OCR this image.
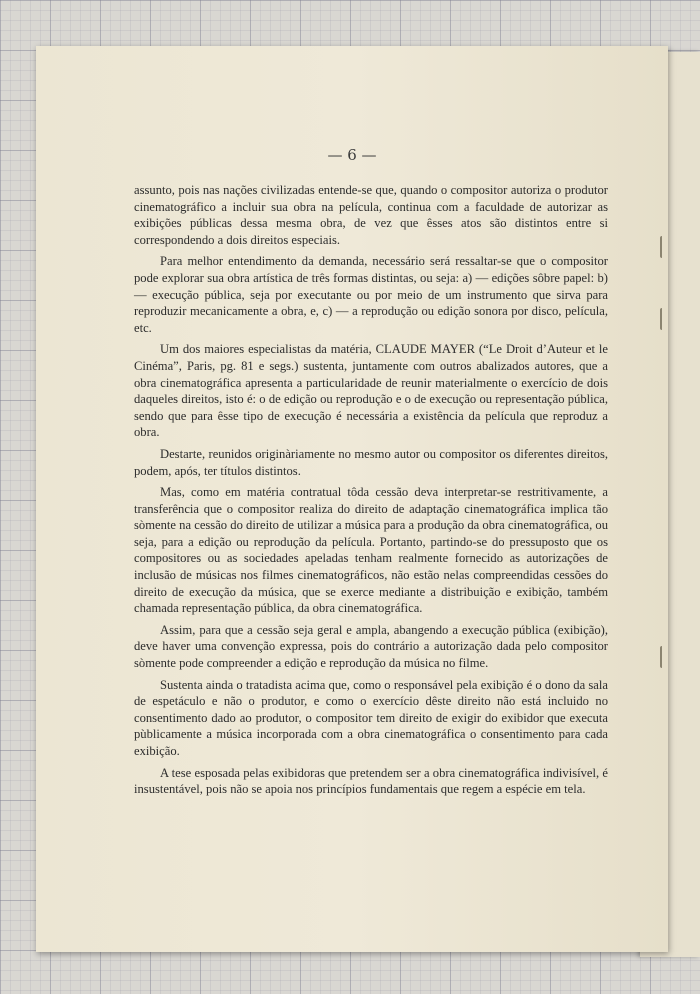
— 6 —

assunto, pois nas nações civilizadas entende-se que, quando o compositor autoriza o produtor cinematográfico a incluir sua obra na película, continua com a faculdade de autorizar as exibições públicas dessa mesma obra, de vez que êsses atos são distintos entre si correspondendo a dois direitos especiais.

Para melhor entendimento da demanda, necessário será ressaltar-se que o compositor pode explorar sua obra artística de três formas distintas, ou seja: a) — edições sôbre papel: b) — execução pública, seja por executante ou por meio de um instrumento que sirva para reproduzir mecanicamente a obra, e, c) — a reprodução ou edição sonora por disco, película, etc.

Um dos maiores especialistas da matéria, CLAUDE MAYER (“Le Droit d’Auteur et le Cinéma”, Paris, pg. 81 e segs.) sustenta, juntamente com outros abalizados autores, que a obra cinematográfica apresenta a particularidade de reunir materialmente o exercício de dois daqueles direitos, isto é: o de edição ou reprodução e o de execução ou representação pública, sendo que para êsse tipo de execução é necessária a existência da película que reproduz a obra.

Destarte, reunidos originàriamente no mesmo autor ou compositor os diferentes direitos, podem, após, ter títulos distintos.

Mas, como em matéria contratual tôda cessão deva interpretar-se restritivamente, a transferência que o compositor realiza do direito de adaptação cinematográfica implica tão sòmente na cessão do direito de utilizar a música para a produção da obra cinematográfica, ou seja, para a edição ou reprodução da película. Portanto, partindo-se do pressuposto que os compositores ou as sociedades apeladas tenham realmente fornecido as autorizações de inclusão de músicas nos filmes cinematográficos, não estão nelas compreendidas cessões do direito de execução da música, que se exerce mediante a distribuição e exibição, também chamada representação pública, da obra cinematográfica.

Assim, para que a cessão seja geral e ampla, abangendo a execução pública (exibição), deve haver uma convenção expressa, pois do contrário a autorização dada pelo compositor sòmente pode compreender a edição e reprodução da música no filme.

Sustenta ainda o tratadista acima que, como o responsável pela exibição é o dono da sala de espetáculo e não o produtor, e como o exercício dêste direito não está incluido no consentimento dado ao produtor, o compositor tem direito de exigir do exibidor que executa pùblicamente a música incorporada com a obra cinematográfica o consentimento para cada exibição.

A tese esposada pelas exibidoras que pretendem ser a obra cinematográfica indivisível, é insustentável, pois não se apoia nos princípios fundamentais que regem a espécie em tela.
